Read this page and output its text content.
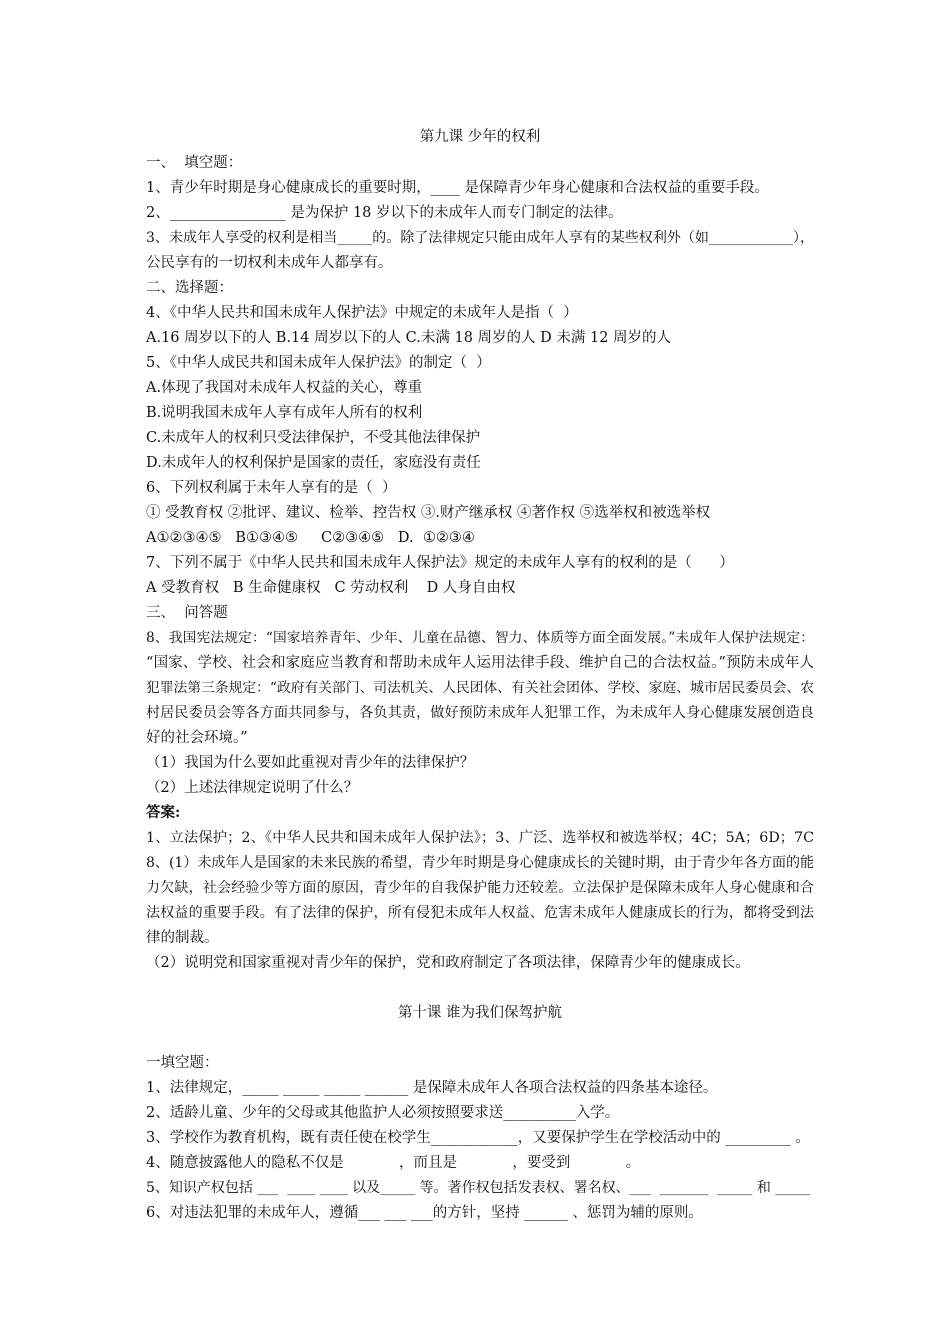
第九课 少年的权利
一、  填空题：
1、青少年时期是身心健康成长的重要时期，____ 是保障青少年身心健康和合法权益的重要手段。
2、________________ 是为保护 18 岁以下的未成年人而专门制定的法律。
3、未成年人享受的权利是相当_____的。除了法律规定只能由成年人享有的某些权利外（如____________），
公民享有的一切权利未成年人都享有。
二、选择题：
4、《中华人民共和国未成年人保护法》中规定的未成年人是指（  ）
A.16 周岁以下的人 B.14 周岁以下的人 C.未满 18 周岁的人 D 未满 12 周岁的人
5、《中华人成民共和国未成年人保护法》的制定（  ）
A.体现了我国对未成年人权益的关心，尊重
B.说明我国未成年人享有成年人所有的权利
C.未成年人的权利只受法律保护，不受其他法律保护
D.未成年人的权利保护是国家的责任，家庭没有责任
6、下列权利属于未年人享有的是（  ）
① 受教育权 ②批评、建议、检举、控告权 ③.财产继承权 ④著作权 ⑤选举权和被选举权
A①②③④⑤   B①③④⑤     C②③④⑤   D.  ①②③④
7、下列不属于《中华人民共和国未成年人保护法》规定的未成年人享有的权利的是（      ）
A 受教育权   B 生命健康权   C 劳动权利    D 人身自由权
三、  问答题
8、我国宪法规定：“国家培养青年、少年、儿童在品德、智力、体质等方面全面发展。”未成年人保护法规定：
“国家、学校、社会和家庭应当教育和帮助未成年人运用法律手段、维护自己的合法权益。”预防未成年人
犯罪法第三条规定：“政府有关部门、司法机关、人民团体、有关社会团体、学校、家庭、城市居民委员会、农
村居民委员会等各方面共同参与，各负其责，做好预防未成年人犯罪工作，为未成年人身心健康发展创造良
好的社会环境。”
（1）我国为什么要如此重视对青少年的法律保护？
（2）上述法律规定说明了什么？
答案:
1、立法保护；2、《中华人民共和国未成年人保护法》；3、广泛、选举权和被选举权；4C；5A；6D；7C
8、(1）未成年人是国家的未来民族的希望，青少年时期是身心健康成长的关键时期，由于青少年各方面的能
力欠缺，社会经验少等方面的原因，青少年的自我保护能力还较差。立法保护是保障未成年人身心健康和合
法权益的重要手段。有了法律的保护，所有侵犯未成年人权益、危害未成年人健康成长的行为，都将受到法
律的制裁。
（2）说明党和国家重视对青少年的保护，党和政府制定了各项法律，保障青少年的健康成长。
第十课 谁为我们保驾护航
一填空题：
1、法律规定，_____ _____ _____ ______ 是保障未成年人各项合法权益的四条基本途径。
2、适龄儿童、少年的父母或其他监护人必须按照要求送__________入学。
3、学校作为教育机构，既有责任使在校学生____________，又要保护学生在学校活动中的 _________ 。
4、随意披露他人的隐私不仅是            ，而且是            ，要受到            。
5、知识产权包括 ___  ____ ____ 以及_____ 等。著作权包括发表权、署名权、___  _______  _____ 和 _____
6、对违法犯罪的未成年人，遵循___ ___ ___的方针，坚持 ______ 、惩罚为辅的原则。
